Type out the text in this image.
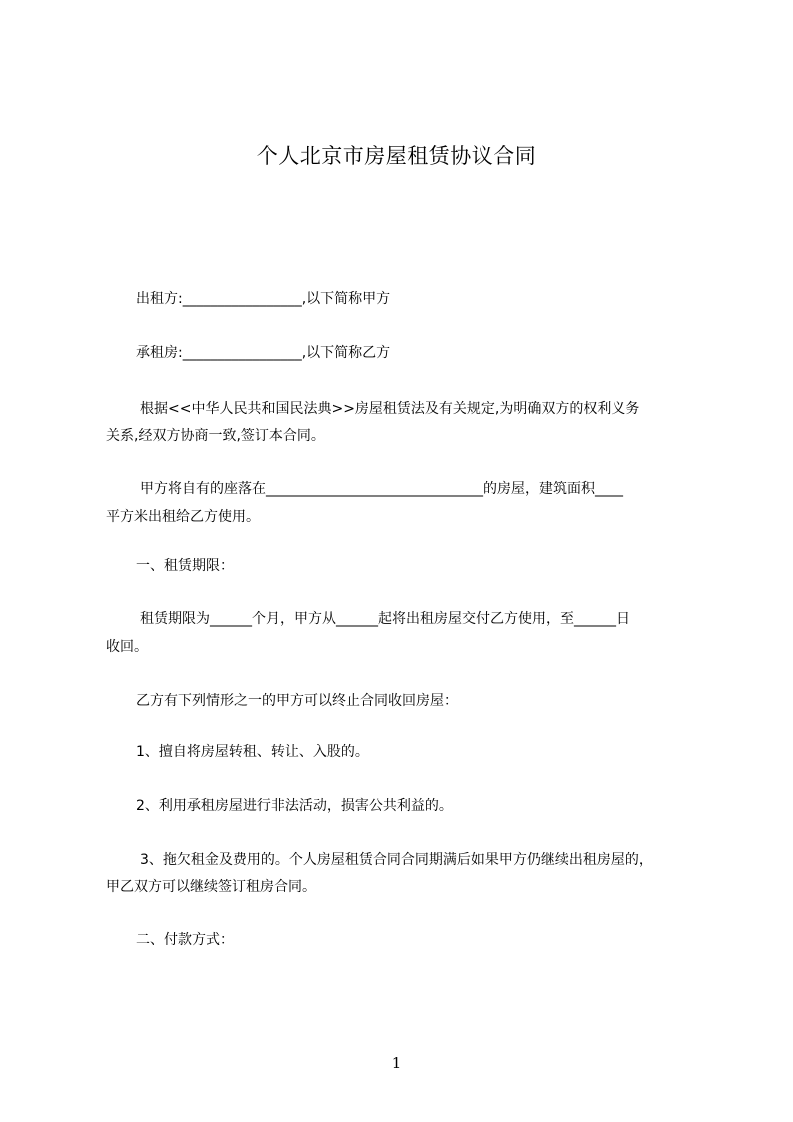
个人北京市房屋租赁协议合同

出租方:_________________,以下简称甲方

承租房:_________________,以下简称乙方

根据<<中华人民共和国民法典>>房屋租赁法及有关规定,为明确双方的权利义务

关系,经双方协商一致,签订本合同。

甲方将自有的座落在_______________________________的房屋，建筑面积____

平方米出租给乙方使用。

一、租赁期限：

租赁期限为______个月，甲方从______起将出租房屋交付乙方使用，至______日

收回。

乙方有下列情形之一的甲方可以终止合同收回房屋：

1、擅自将房屋转租、转让、入股的。

2、利用承租房屋进行非法活动，损害公共利益的。

3、拖欠租金及费用的。个人房屋租赁合同合同期满后如果甲方仍继续出租房屋的，

甲乙双方可以继续签订租房合同。

二、付款方式：

1
